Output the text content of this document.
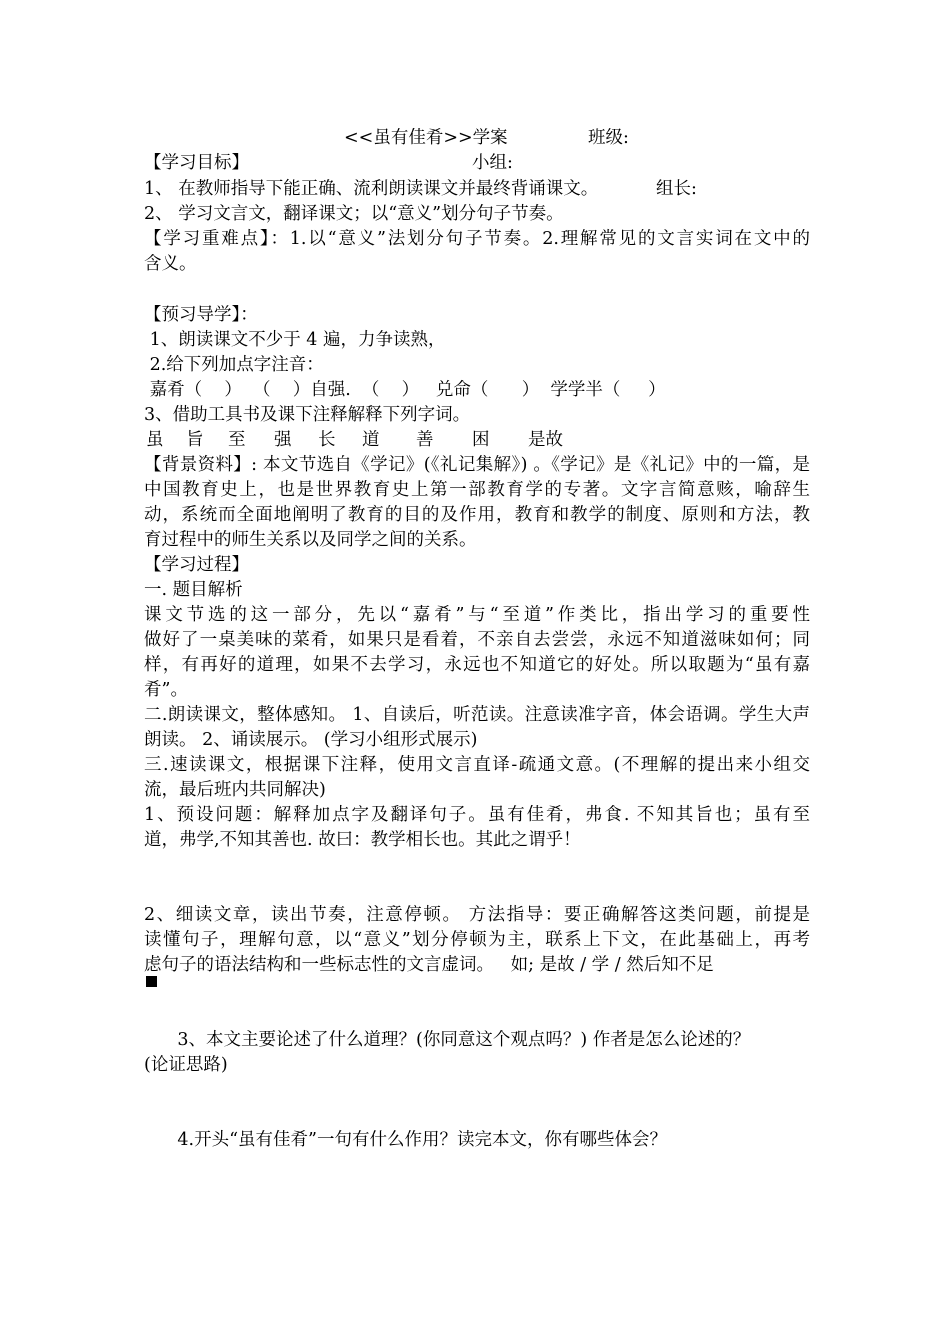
<<虽有佳肴>>学案	班级:
【学习目标】	小组:
1、 在教师指导下能正确、流利朗读课文并最终背诵课文。	组长:
2、 学习文言文，翻译课文；以“意义”划分句子节奏。
【学习重难点】：1.以“意义”法划分句子节奏。2.理解常见的文言实词在文中的
含义。
【预习导学】：
1、朗读课文不少于 4 遍，力争读熟，
2.给下列加点字注音：
嘉肴（    ）  （    ）自强.  （    ）   兑命（      ）  学学半（     ）
3、借助工具书及课下注释解释下列字词。

虽

旨

至

强

长

道

善

困

是故

【背景资料】: 本文节选自《学记》(《礼记集解》) 。《学记》是《礼记》中的一篇，是
中国教育史上，也是世界教育史上第一部教育学的专著。文字言简意赅，喻辞生
动，系统而全面地阐明了教育的目的及作用，教育和教学的制度、原则和方法，教
育过程中的师生关系以及同学之间的关系。
【学习过程】
一. 题目解析
课文节选的这一部分，先以“嘉肴”与“至道”作类比，指出学习的重要性
做好了一桌美味的菜肴，如果只是看着，不亲自去尝尝，永远不知道滋味如何；同
样，有再好的道理，如果不去学习，永远也不知道它的好处。所以取题为“虽有嘉
肴”。
二.朗读课文，整体感知。 1、自读后，听范读。注意读准字音，体会语调。学生大声
朗读。 2、诵读展示。 (学习小组形式展示)
三.速读课文，根据课下注释，使用文言直译-疏通文意。(不理解的提出来小组交
流，最后班内共同解决)
1、预设问题：解释加点字及翻译句子。虽有佳肴，弗食. 不知其旨也；虽有至
道，弗学,不知其善也. 故曰：教学相长也。其此之谓乎！
2、细读文章，读出节奏，注意停顿。 方法指导：要正确解答这类问题，前提是
读懂句子，理解句意，以“意义”划分停顿为主，联系上下文，在此基础上，再考
虑句子的语法结构和一些标志性的文言虚词。   如; 是故 / 学 / 然后知不足
3、本文主要论述了什么道理？(你同意这个观点吗？) 作者是怎么论述的？
(论证思路)
4.开头“虽有佳肴”一句有什么作用？读完本文，你有哪些体会？
